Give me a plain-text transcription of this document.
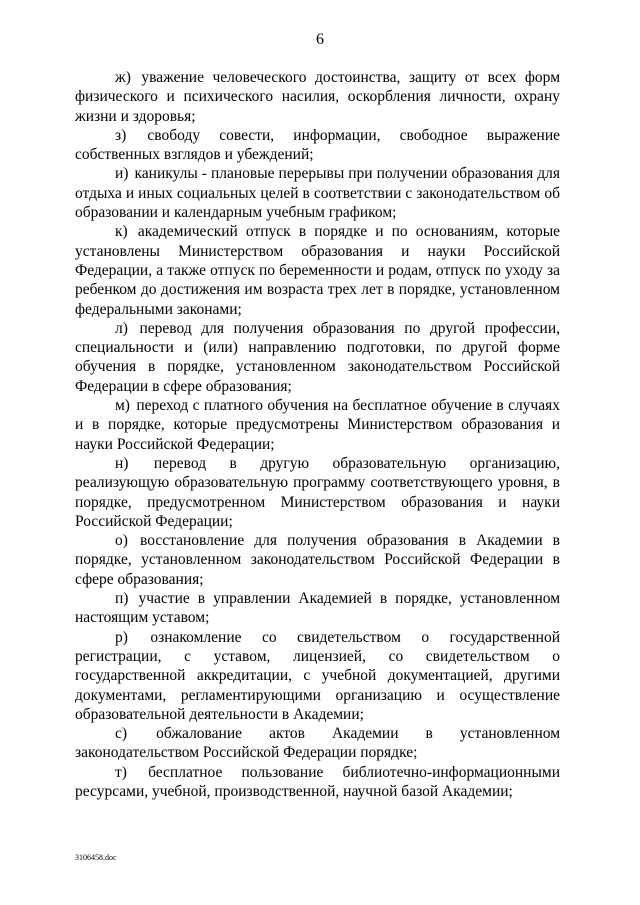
6

ж) уважение человеческого достоинства, защиту от всех форм физического и психического насилия, оскорбления личности, охрану жизни и здоровья;

з) свободу совести, информации, свободное выражение собственных взглядов и убеждений;

и) каникулы - плановые перерывы при получении образования для отдыха и иных социальных целей в соответствии с законодательством об образовании и календарным учебным графиком;

к) академический отпуск в порядке и по основаниям, которые установлены Министерством образования и науки Российской Федерации, а также отпуск по беременности и родам, отпуск по уходу за ребенком до достижения им возраста трех лет в порядке, установленном федеральными законами;

л) перевод для получения образования по другой профессии, специальности и (или) направлению подготовки, по другой форме обучения в порядке, установленном законодательством Российской Федерации в сфере образования;

м) переход с платного обучения на бесплатное обучение в случаях и в порядке, которые предусмотрены Министерством образования и науки Российской Федерации;

н) перевод в другую образовательную организацию, реализующую образовательную программу соответствующего уровня, в порядке, предусмотренном Министерством образования и науки Российской Федерации;

о) восстановление для получения образования в Академии в порядке, установленном законодательством Российской Федерации в сфере образования;

п) участие в управлении Академией в порядке, установленном настоящим уставом;

р) ознакомление со свидетельством о государственной регистрации, с уставом, лицензией, со свидетельством о государственной аккредитации, с учебной документацией, другими документами, регламентирующими организацию и осуществление образовательной деятельности в Академии;

с) обжалование актов Академии в установленном законодательством Российской Федерации порядке;

т) бесплатное пользование библиотечно-информационными ресурсами, учебной, производственной, научной базой Академии;

3106458.doc
